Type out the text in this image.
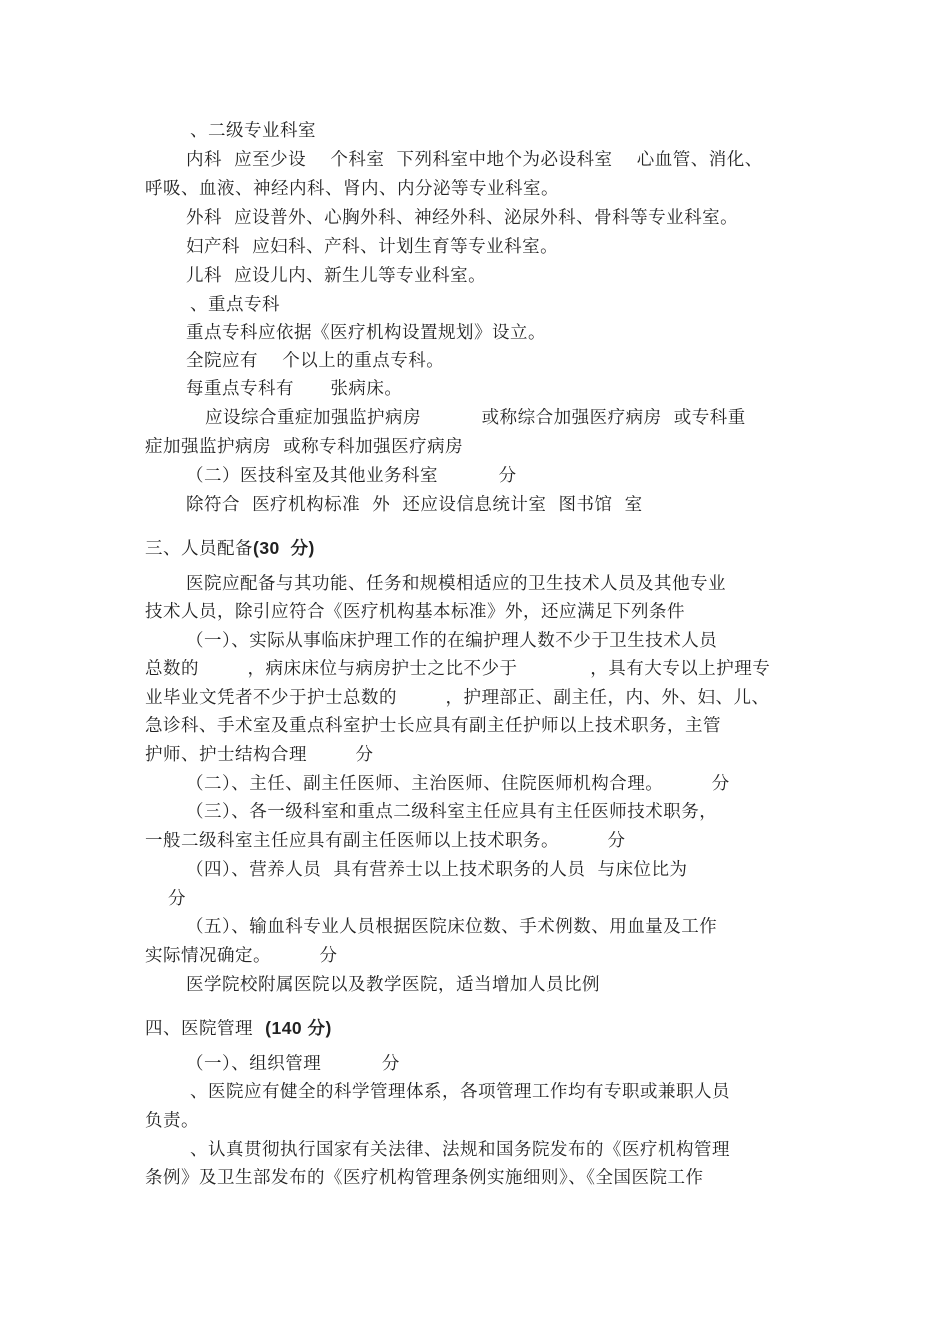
、二级专业科室
内科  应至少设    个科室  下列科室中地个为必设科室    心血管、消化、
呼吸、血液、神经内科、肾内、内分泌等专业科室。
外科  应设普外、心胸外科、神经外科、泌尿外科、骨科等专业科室。
妇产科  应妇科、产科、计划生育等专业科室。
儿科  应设儿内、新生儿等专业科室。
、重点专科
重点专科应依据《医疗机构设置规划》设立。
全院应有    个以上的重点专科。
每重点专科有      张病床。
应设综合重症加强监护病房          或称综合加强医疗病房  或专科重
症加强监护病房  或称专科加强医疗病房
（二）医技科室及其他业务科室          分
除符合  医疗机构标准  外  还应设信息统计室  图书馆  室
三、人员配备(30  分)
医院应配备与其功能、任务和规模相适应的卫生技术人员及其他专业
技术人员，除引应符合《医疗机构基本标准》外，还应满足下列条件
（一）、实际从事临床护理工作的在编护理人数不少于卫生技术人员
总数的        ，病床床位与病房护士之比不少于            ，具有大专以上护理专
业毕业文凭者不少于护士总数的        ，护理部正、副主任，内、外、妇、儿、
急诊科、手术室及重点科室护士长应具有副主任护师以上技术职务，主管
护师、护士结构合理        分
（二）、主任、副主任医师、主治医师、住院医师机构合理。        分
（三）、各一级科室和重点二级科室主任应具有主任医师技术职务，
一般二级科室主任应具有副主任医师以上技术职务。        分
（四）、营养人员  具有营养士以上技术职务的人员  与床位比为
分
（五）、输血科专业人员根据医院床位数、手术例数、用血量及工作
实际情况确定。        分
医学院校附属医院以及教学医院，适当增加人员比例
四、医院管理  (140 分)
（一）、组织管理          分
、医院应有健全的科学管理体系，各项管理工作均有专职或兼职人员
负责。
、认真贯彻执行国家有关法律、法规和国务院发布的《医疗机构管理
条例》及卫生部发布的《医疗机构管理条例实施细则》、《全国医院工作
